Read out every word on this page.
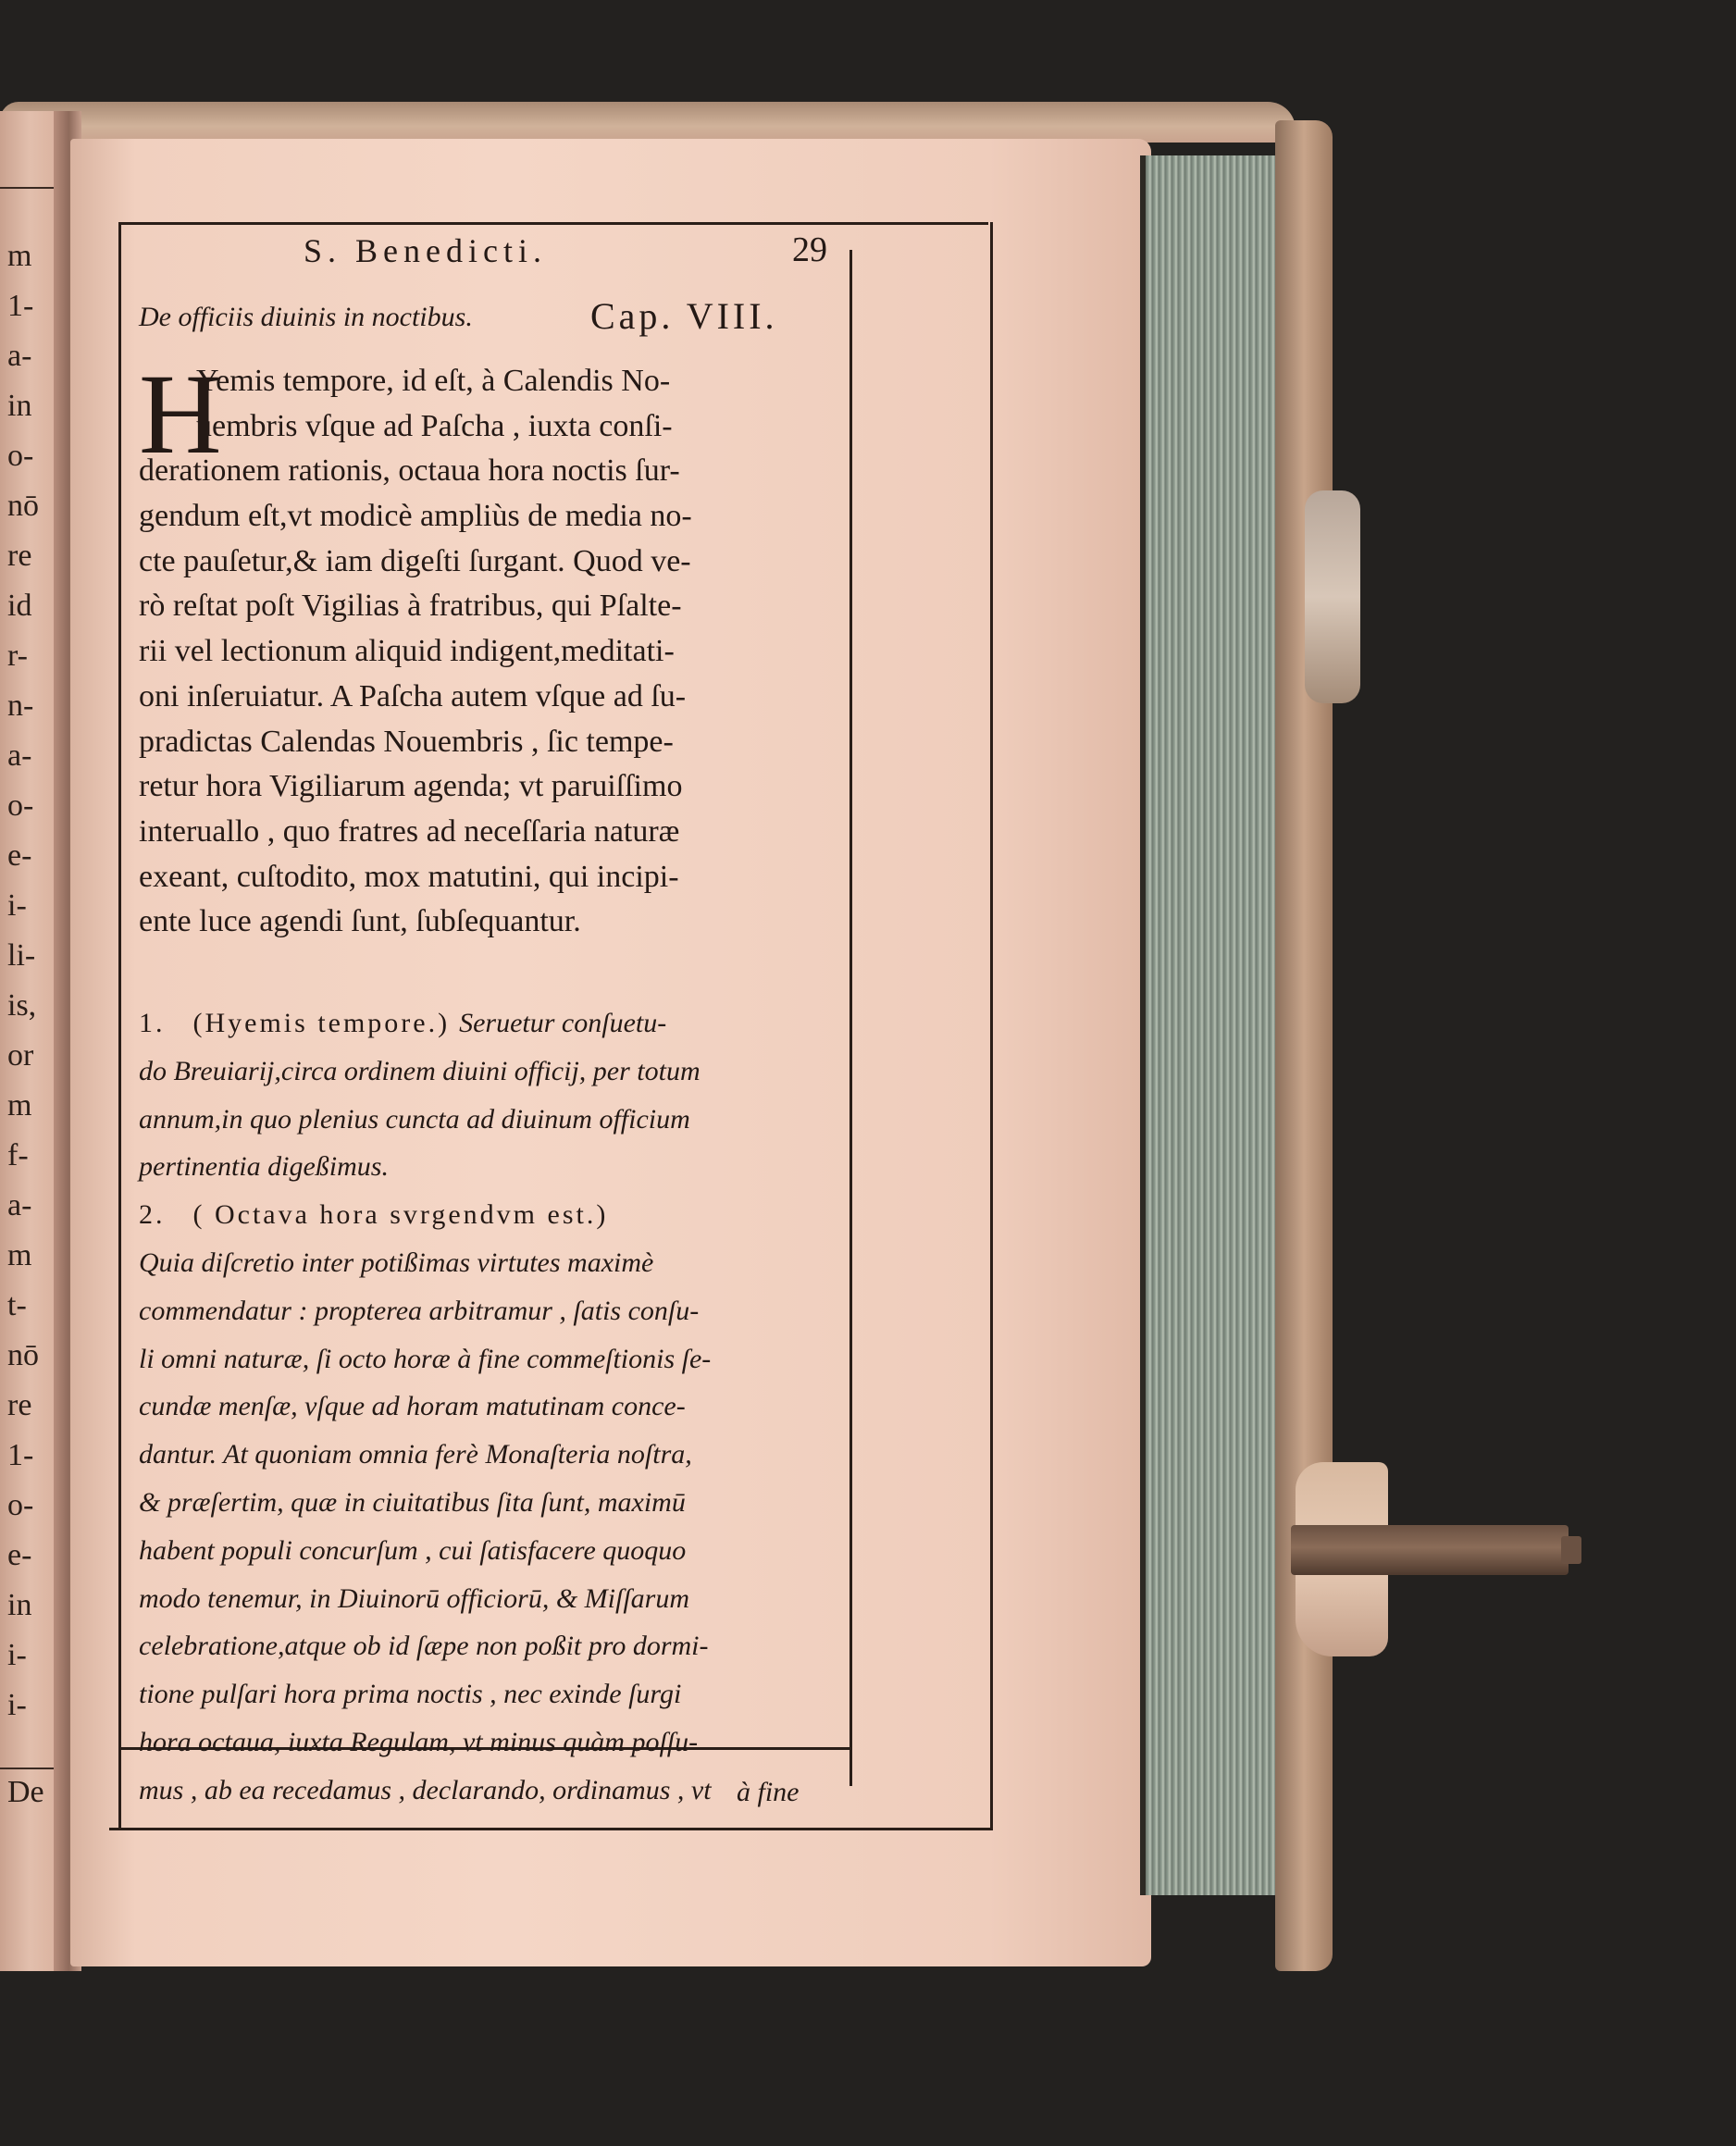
m
1-
a-
in
o-
nō
re
id
r-
n-
a-
o-
e-
i-
li-
is,
or
m
f-
a-
m
t-
nō
re
1-
o-
e-
in
i-
i-
De
S. Benedicti.	29
De officiis diuinis in noctibus.	Cap. VIII.
H
Yemis tempore, id eſt, à Calendis No-
uembris vſque ad Paſcha , iuxta conſi-
derationem rationis, octaua hora noctis ſur-
gendum eſt,vt modicè ampliùs de media no-
cte pauſetur,& iam digeſti ſurgant. Quod ve-
rò reſtat poſt Vigilias à fratribus, qui Pſalte-
rii vel lectionum aliquid indigent,meditati-
oni inſeruiatur. A Paſcha autem vſque ad ſu-
pradictas Calendas Nouembris , ſic tempe-
retur hora Vigiliarum agenda; vt paruiſſimo
interuallo , quo fratres ad neceſſaria naturæ
exeant, cuſtodito, mox matutini, qui incipi-
ente luce agendi ſunt, ſubſequantur.
1. (Hyemis tempore.) Seruetur conſuetu-
do Breuiarij,circa ordinem diuini officij, per totum
annum,in quo plenius cuncta ad diuinum officium
pertinentia digeßimus.
2. ( Octava hora svrgendvm est.)
Quia diſcretio inter potißimas virtutes maximè
commendatur : propterea arbitramur , ſatis conſu-
li omni naturæ, ſi octo horæ à fine commeſtionis ſe-
cundæ menſæ, vſque ad horam matutinam conce-
dantur. At quoniam omnia ferè Monaſteria noſtra,
& præſertim, quæ in ciuitatibus ſita ſunt, maximū
habent populi concurſum , cui ſatisfacere quoquo
modo tenemur, in Diuinorū officiorū, & Miſſarum
celebratione,atque ob id ſæpe non poßit pro dormi-
tione pulſari hora prima noctis , nec exinde ſurgi
hora octaua, iuxta Regulam, vt minus quàm poſſu-
mus , ab ea recedamus , declarando, ordinamus , vt à fine
